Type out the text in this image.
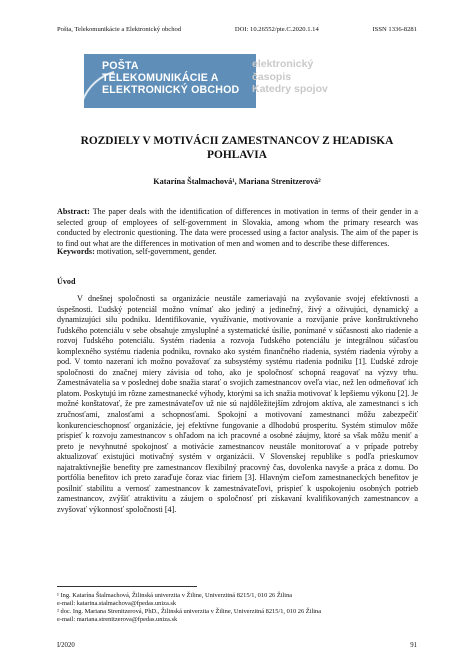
Pošta, Telekomunikácie a Elektronický obchod	DOI: 10.26552/pte.C.2020.1.14	ISSN 1336-8281
POŠTA
TELEKOMUNIKÁCIE A
ELEKTRONICKÝ OBCHOD
elektronický
časopis
Katedry spojov
ROZDIELY V MOTIVÁCII ZAMESTNANCOV Z HĽADISKA POHLAVIA
Katarína Štalmachová¹, Mariana Strenitzerová²
Abstract: The paper deals with the identification of differences in motivation in terms of their gender in a selected group of employees of self-government in Slovakia, among whom the primary research was conducted by electronic questioning. The data were processed using a factor analysis. The aim of the paper is to find out what are the differences in motivation of men and women and to describe these differences.
Keywords: motivation, self-government, gender.
Úvod
V dnešnej spoločnosti sa organizácie neustále zameriavajú na zvyšovanie svojej efektívnosti a úspešnosti. Ľudský potenciál možno vnímať ako jediný a jedinečný, živý a oživujúci, dynamický a dynamizujúci silu podniku. Identifikovanie, využívanie, motivovanie a rozvíjanie práve konštruktívneho ľudského potenciálu v sebe obsahuje zmysluplné a systematické úsilie, ponímané v súčasnosti ako riadenie a rozvoj ľudského potenciálu. Systém riadenia a rozvoja ľudského potenciálu je integrálnou súčasťou komplexného systému riadenia podniku, rovnako ako systém finančného riadenia, systém riadenia výroby a pod. V tomto nazeraní ich možno považovať za subsystémy systému riadenia podniku [1]. Ľudské zdroje spoločnosti do značnej miery závisia od toho, ako je spoločnosť schopná reagovať na výzvy trhu. Zamestnávatelia sa v poslednej dobe snažia starať o svojich zamestnancov oveľa viac, než len odmeňovať ich platom. Poskytujú im rôzne zamestnanecké výhody, ktorými sa ich snažia motivovať k lepšiemu výkonu [2]. Je možné konštatovať, že pre zamestnávateľov už nie sú najdôležitejším zdrojom aktíva, ale zamestnanci s ich zručnosťami, znalosťami a schopnosťami. Spokojní a motivovaní zamestnanci môžu zabezpečiť konkurencieschopnosť organizácie, jej efektívne fungovanie a dlhodobú prosperitu. Systém stimulov môže prispieť k rozvoju zamestnancov s ohľadom na ich pracovné a osobné záujmy, ktoré sa však môžu meniť a preto je nevyhnutné spokojnosť a motivácie zamestnancov neustále monitorovať a v prípade potreby aktualizovať existujúci motivačný systém v organizácii. V Slovenskej republike s podľa prieskumov najatraktívnejšie benefity pre zamestnancov flexibilný pracovný čas, dovolenka navyše a práca z domu. Do portfólia benefitov ich preto zaraďuje čoraz viac firiem [3]. Hlavným cieľom zamestnaneckých benefitov je posilniť stabilitu a vernosť zamestnancov k zamestnávateľovi, prispieť k uspokojeniu osobných potrieb zamestnancov, zvýšiť atraktivitu a záujem o spoločnosť pri získavaní kvalifikovaných zamestnancov a zvyšovať výkonnosť spoločnosti [4].
¹ Ing. Katarína Štalmachová, Žilinská univerzita v Žiline, Univerzitná 8215/1, 010 26 Žilina
e-mail: katarina.stalmachova@fpedas.uniza.sk
² doc. Ing. Mariana Strenitzerová, PhD., Žilinská univerzita v Žiline, Univerzitná 8215/1, 010 26 Žilina
e-mail: mariana.strenitzerova@fpedas.uniza.sk
I/2020	91
